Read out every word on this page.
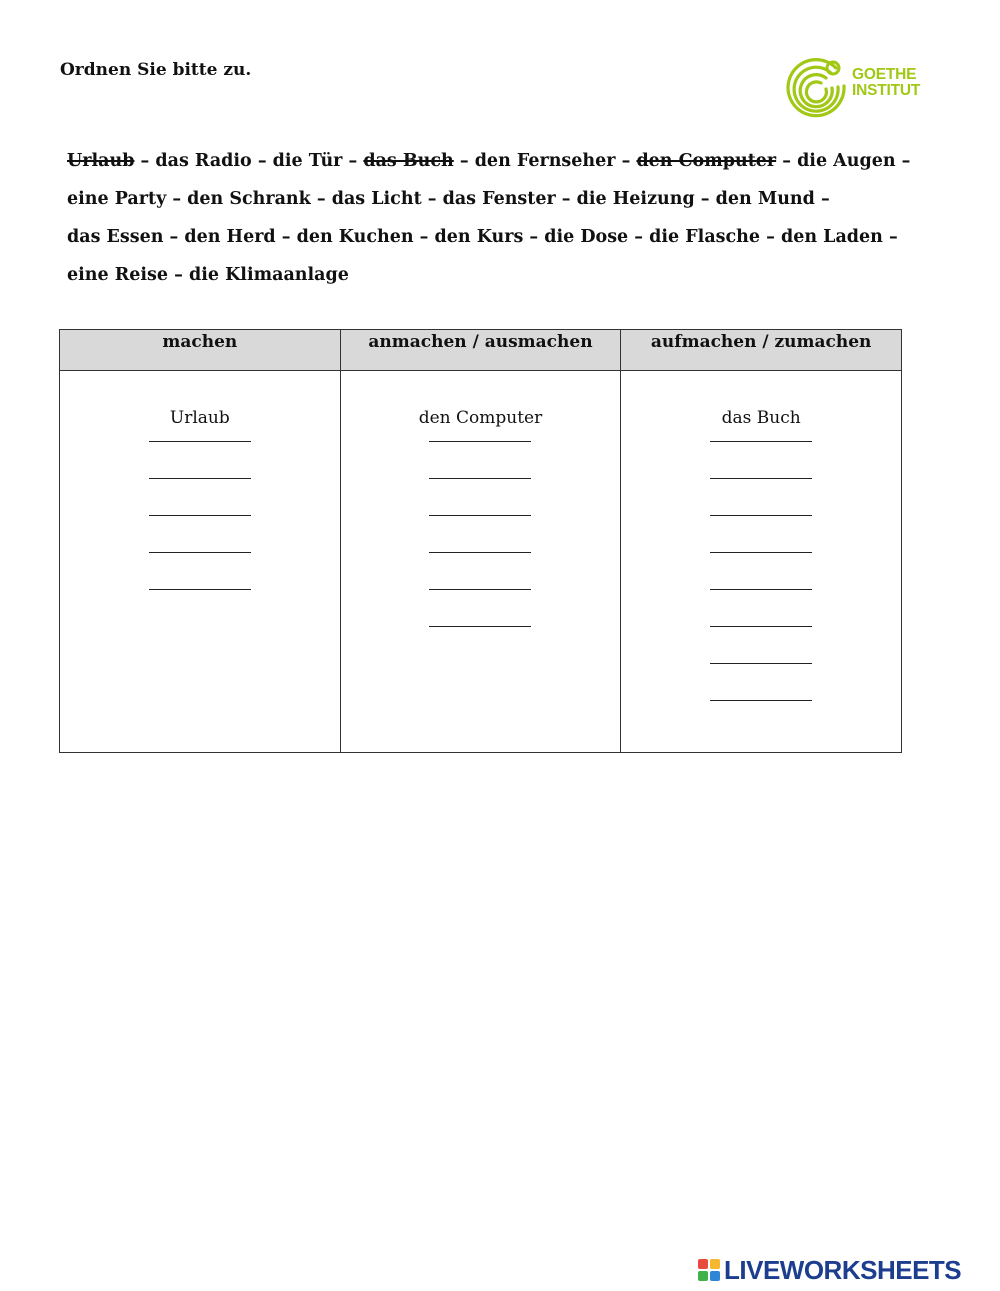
Ordnen Sie bitte zu.	GOETHE
INSTITUT
Urlaub – das Radio – die Tür – das Buch – den Fernseher – den Computer – die Augen –
eine Party – den Schrank – das Licht – das Fenster – die Heizung – den Mund –
das Essen – den Herd – den Kuchen – den Kurs – die Dose – die Flasche – den Laden –
eine Reise – die Klimaanlage
machen	anmachen / ausmachen	aufmachen / zumachen

Urlaub	den Computer	das Buch
LIVEWORKSHEETS
